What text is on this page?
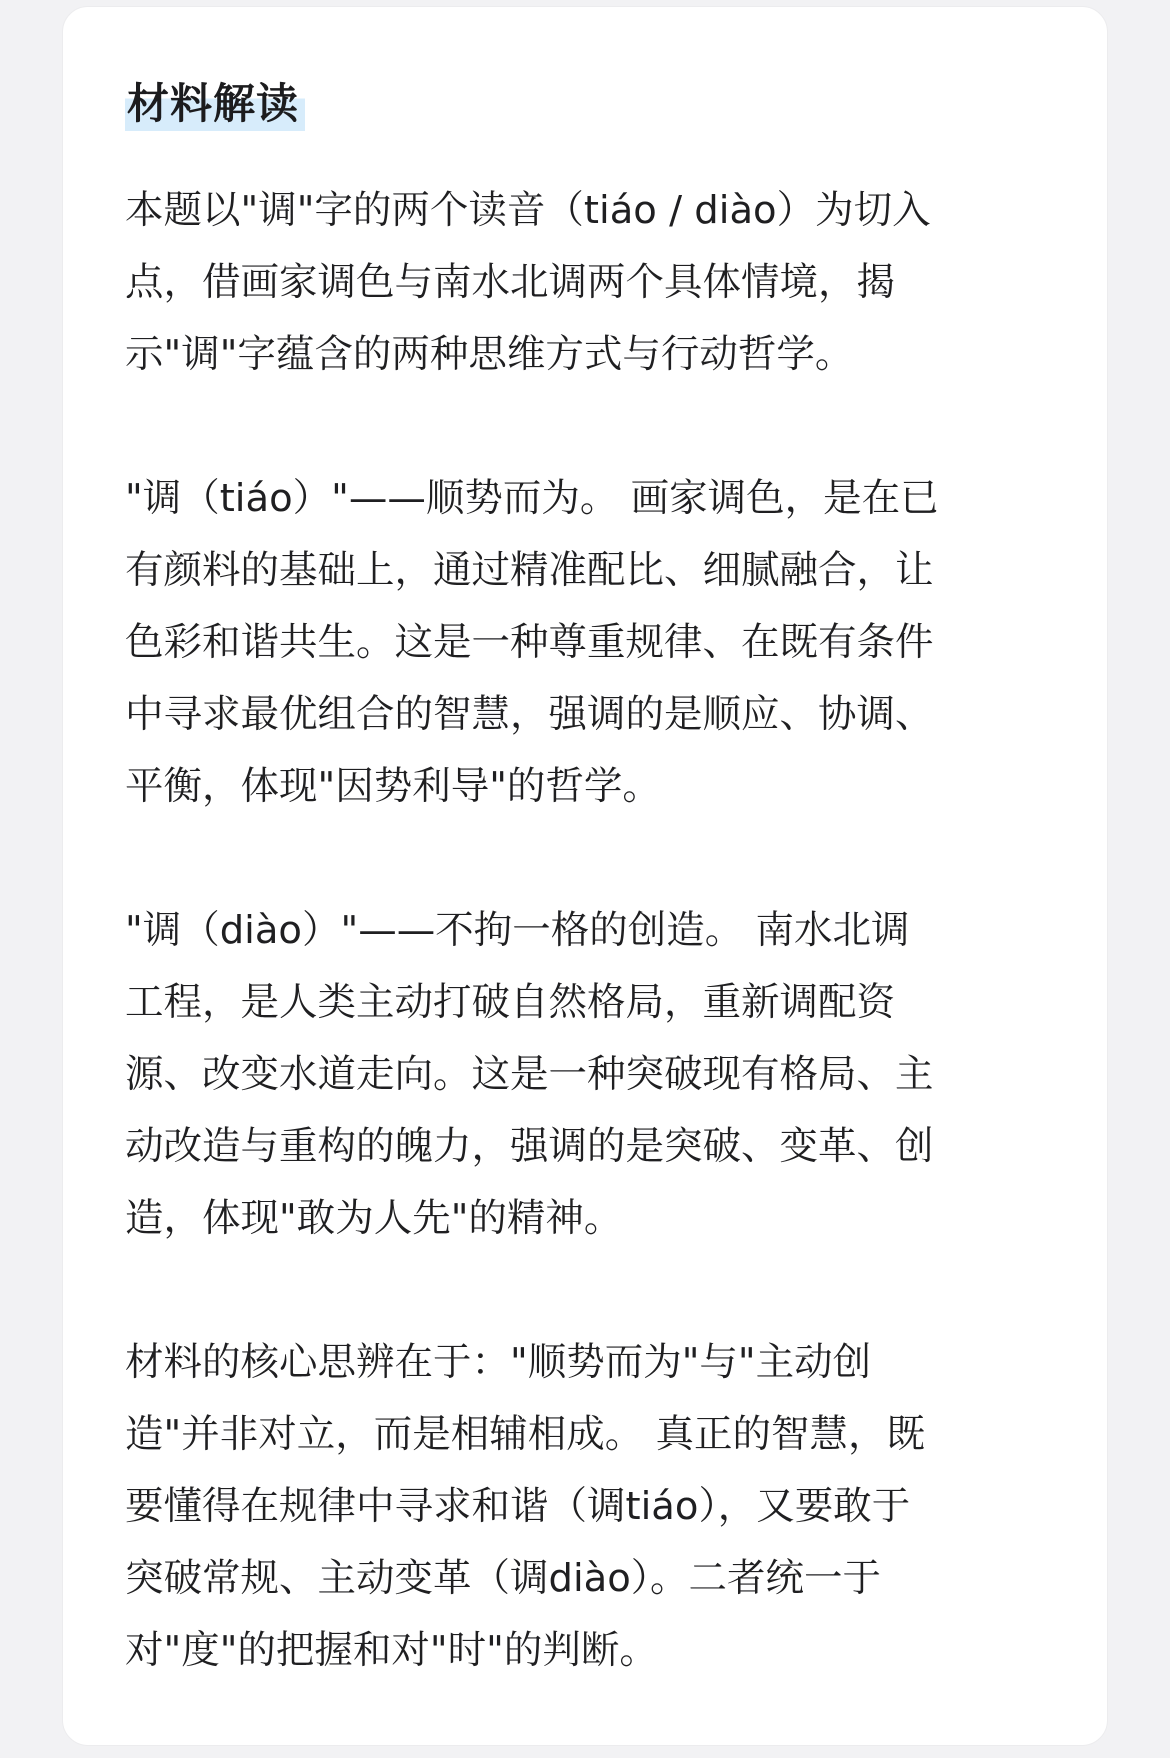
材料解读

本题以"调"字的两个读音（tiáo / diào）为切入
点，借画家调色与南水北调两个具体情境，揭
示"调"字蕴含的两种思维方式与行动哲学。

"调（tiáo）"——顺势而为。 画家调色，是在已
有颜料的基础上，通过精准配比、细腻融合，让
色彩和谐共生。这是一种尊重规律、在既有条件
中寻求最优组合的智慧，强调的是顺应、协调、
平衡，体现"因势利导"的哲学。

"调（diào）"——不拘一格的创造。 南水北调
工程，是人类主动打破自然格局，重新调配资
源、改变水道走向。这是一种突破现有格局、主
动改造与重构的魄力，强调的是突破、变革、创
造，体现"敢为人先"的精神。

材料的核心思辨在于："顺势而为"与"主动创
造"并非对立，而是相辅相成。 真正的智慧，既
要懂得在规律中寻求和谐（调tiáo），又要敢于
突破常规、主动变革（调diào）。二者统一于
对"度"的把握和对"时"的判断。
